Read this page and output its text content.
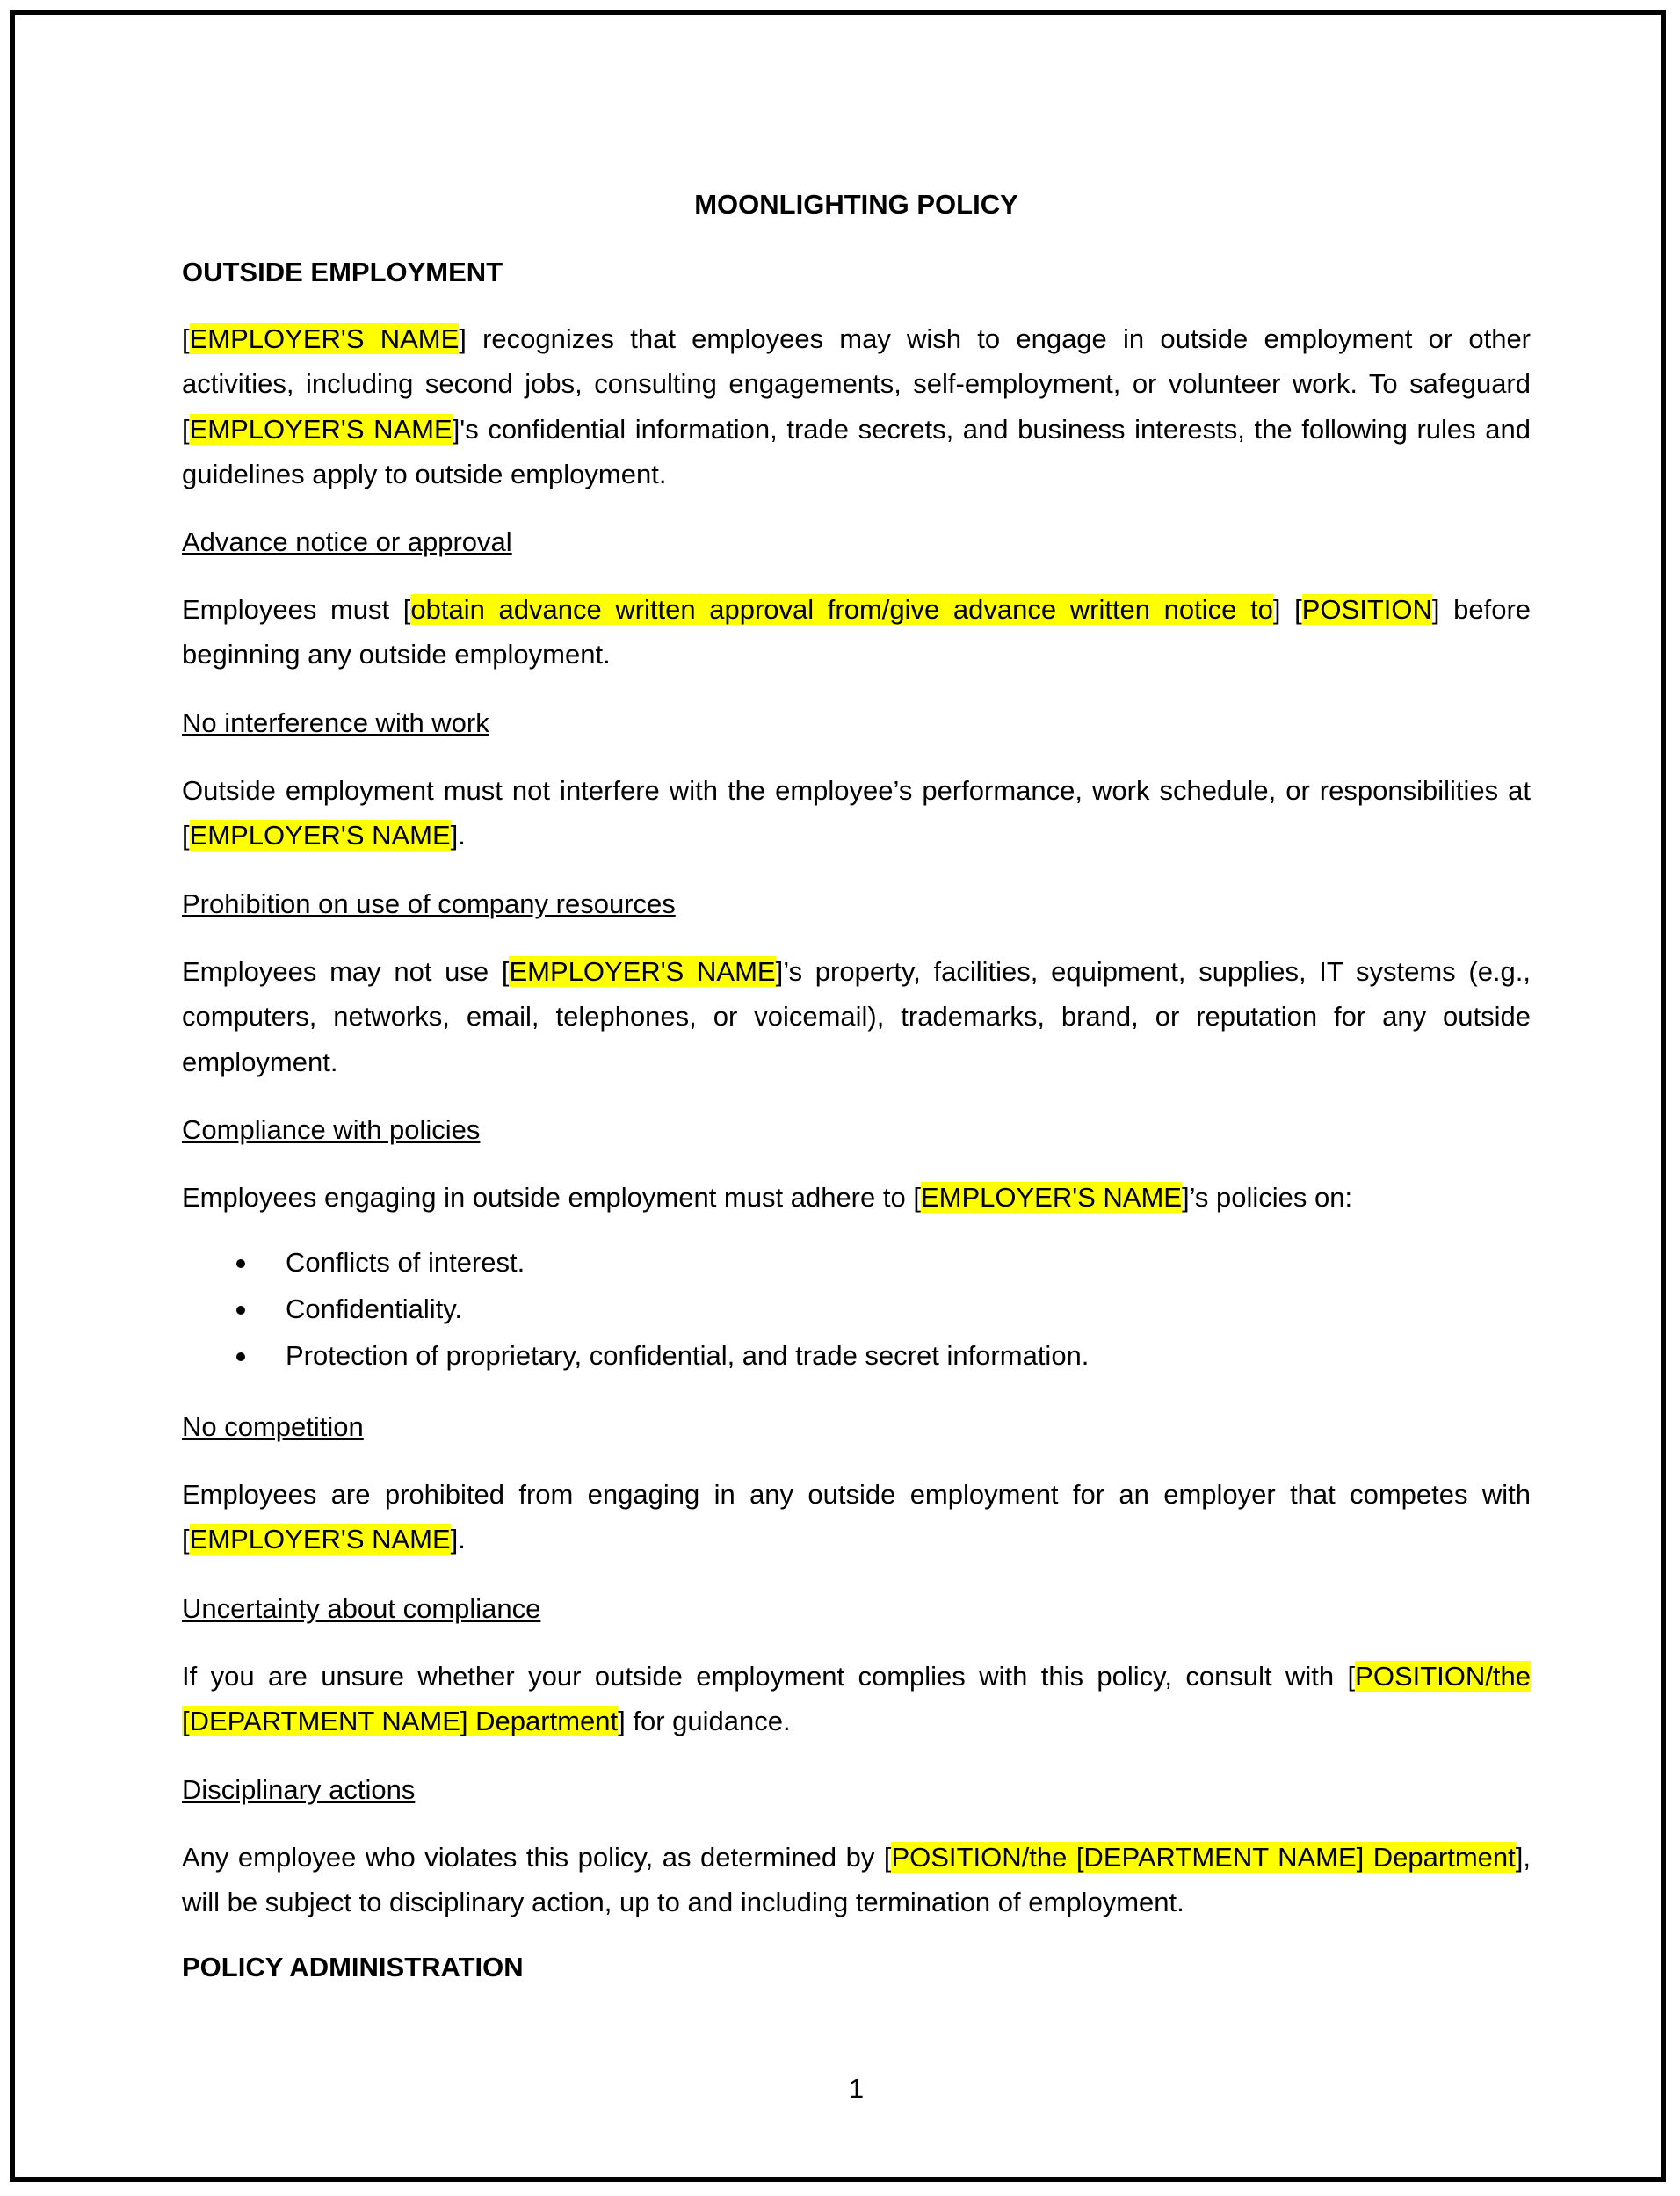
MOONLIGHTING POLICY
OUTSIDE EMPLOYMENT
[EMPLOYER'S NAME] recognizes that employees may wish to engage in outside employment or other activities, including second jobs, consulting engagements, self-employment, or volunteer work. To safeguard [EMPLOYER'S NAME]'s confidential information, trade secrets, and business interests, the following rules and guidelines apply to outside employment.
Advance notice or approval
Employees must [obtain advance written approval from/give advance written notice to] [POSITION] before beginning any outside employment.
No interference with work
Outside employment must not interfere with the employee’s performance, work schedule, or responsibilities at [EMPLOYER'S NAME].
Prohibition on use of company resources
Employees may not use [EMPLOYER'S NAME]’s property, facilities, equipment, supplies, IT systems (e.g., computers, networks, email, telephones, or voicemail), trademarks, brand, or reputation for any outside employment.
Compliance with policies
Employees engaging in outside employment must adhere to [EMPLOYER'S NAME]’s policies on:
Conflicts of interest.
Confidentiality.
Protection of proprietary, confidential, and trade secret information.
No competition
Employees are prohibited from engaging in any outside employment for an employer that competes with [EMPLOYER'S NAME].
Uncertainty about compliance
If you are unsure whether your outside employment complies with this policy, consult with [POSITION/the [DEPARTMENT NAME] Department] for guidance.
Disciplinary actions
Any employee who violates this policy, as determined by [POSITION/the [DEPARTMENT NAME] Department], will be subject to disciplinary action, up to and including termination of employment.
POLICY ADMINISTRATION
1
